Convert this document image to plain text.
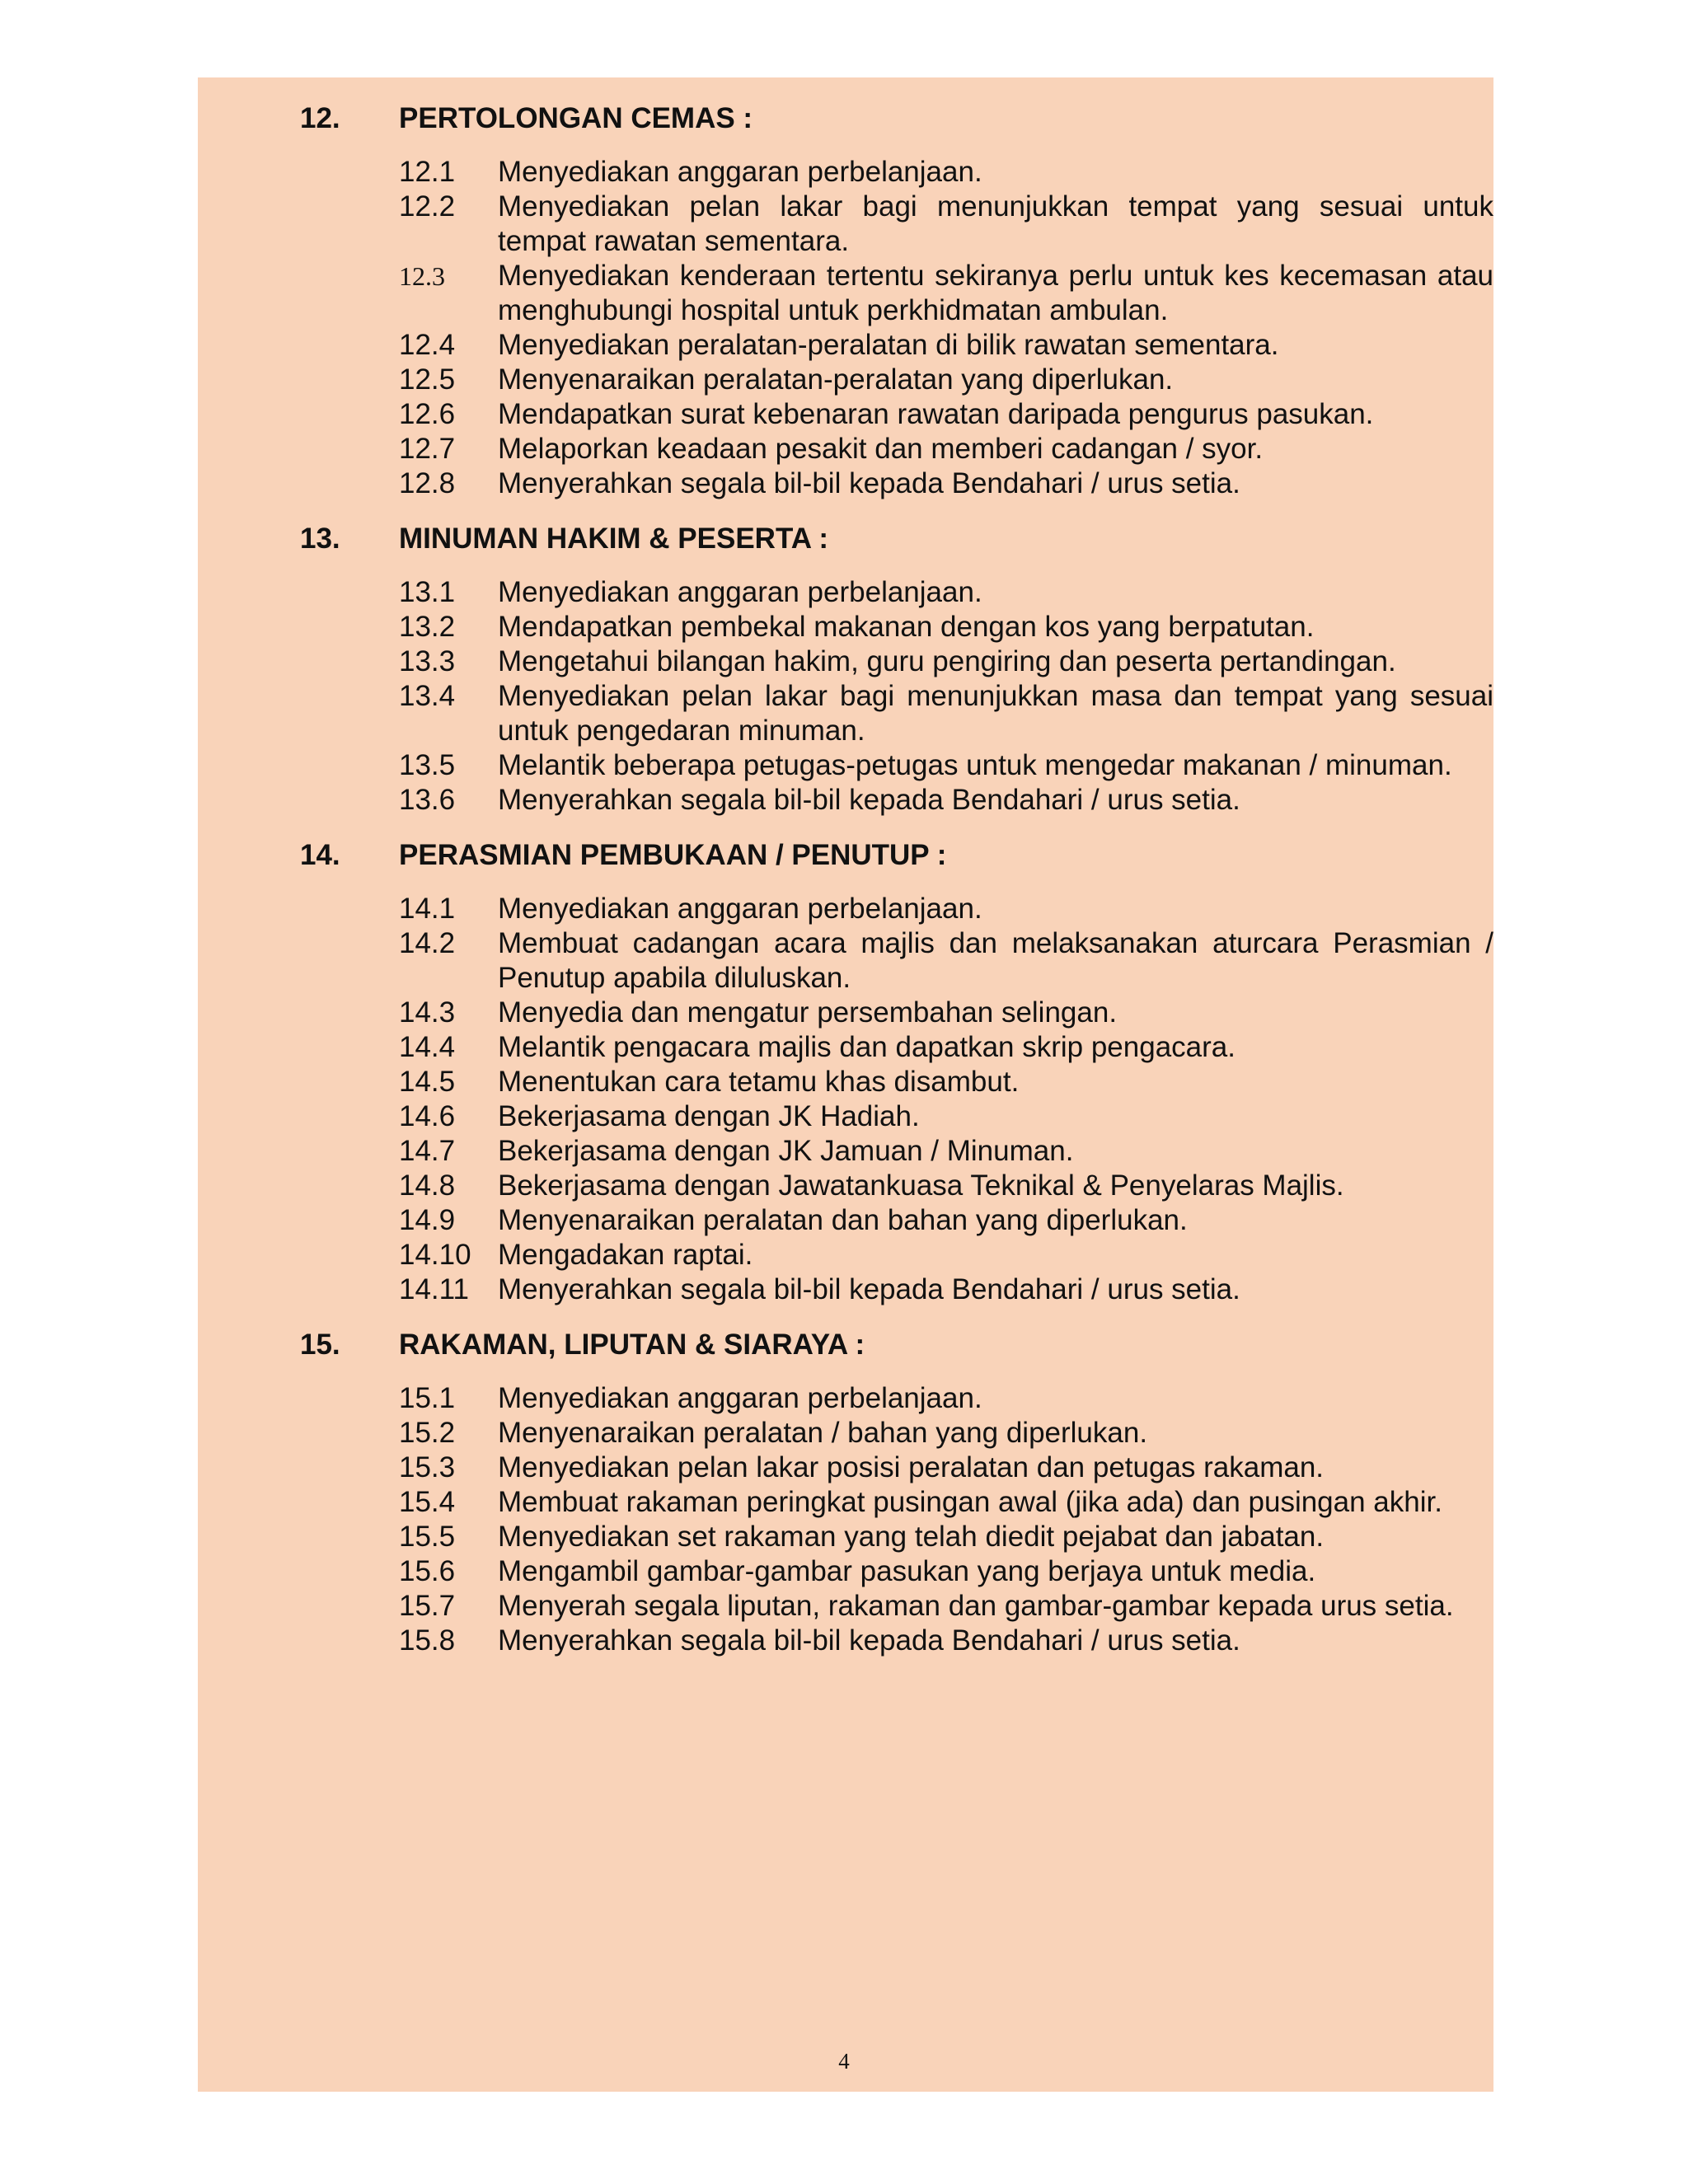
12.	PERTOLONGAN CEMAS :
12.1	Menyediakan anggaran perbelanjaan.
12.2	Menyediakan pelan lakar bagi menunjukkan tempat yang sesuai untuk tempat rawatan sementara.
12.3	Menyediakan kenderaan tertentu sekiranya perlu untuk kes kecemasan atau menghubungi hospital untuk perkhidmatan ambulan.
12.4	Menyediakan peralatan-peralatan di bilik rawatan sementara.
12.5	Menyenaraikan peralatan-peralatan yang diperlukan.
12.6	Mendapatkan surat kebenaran rawatan daripada pengurus pasukan.
12.7	Melaporkan keadaan pesakit dan memberi cadangan / syor.
12.8	Menyerahkan segala bil-bil kepada Bendahari / urus setia.
13.	MINUMAN HAKIM & PESERTA :
13.1	Menyediakan anggaran perbelanjaan.
13.2	Mendapatkan pembekal makanan dengan kos yang berpatutan.
13.3	Mengetahui bilangan hakim, guru pengiring dan peserta pertandingan.
13.4	Menyediakan pelan lakar bagi menunjukkan masa dan tempat yang sesuai untuk pengedaran minuman.
13.5	Melantik beberapa petugas-petugas untuk mengedar makanan / minuman.
13.6	Menyerahkan segala bil-bil kepada Bendahari / urus setia.
14.	PERASMIAN PEMBUKAAN / PENUTUP :
14.1	Menyediakan anggaran perbelanjaan.
14.2	Membuat cadangan acara majlis dan melaksanakan aturcara Perasmian / Penutup apabila diluluskan.
14.3	Menyedia dan mengatur persembahan selingan.
14.4	Melantik pengacara majlis dan dapatkan skrip pengacara.
14.5	Menentukan cara tetamu khas disambut.
14.6	Bekerjasama dengan JK Hadiah.
14.7	Bekerjasama dengan JK Jamuan / Minuman.
14.8	Bekerjasama dengan Jawatankuasa Teknikal & Penyelaras Majlis.
14.9	Menyenaraikan peralatan dan bahan yang diperlukan.
14.10 Mengadakan raptai.
14.11	Menyerahkan segala bil-bil kepada Bendahari / urus setia.
15.	RAKAMAN, LIPUTAN & SIARAYA :
15.1	Menyediakan anggaran perbelanjaan.
15.2	Menyenaraikan peralatan / bahan yang diperlukan.
15.3	Menyediakan pelan lakar posisi peralatan dan petugas rakaman.
15.4	Membuat rakaman peringkat pusingan awal (jika ada) dan pusingan akhir.
15.5	Menyediakan set rakaman yang telah diedit pejabat dan jabatan.
15.6	Mengambil gambar-gambar pasukan yang berjaya untuk media.
15.7	Menyerah segala liputan, rakaman dan gambar-gambar kepada urus setia.
15.8	Menyerahkan segala bil-bil kepada Bendahari / urus setia.
4
